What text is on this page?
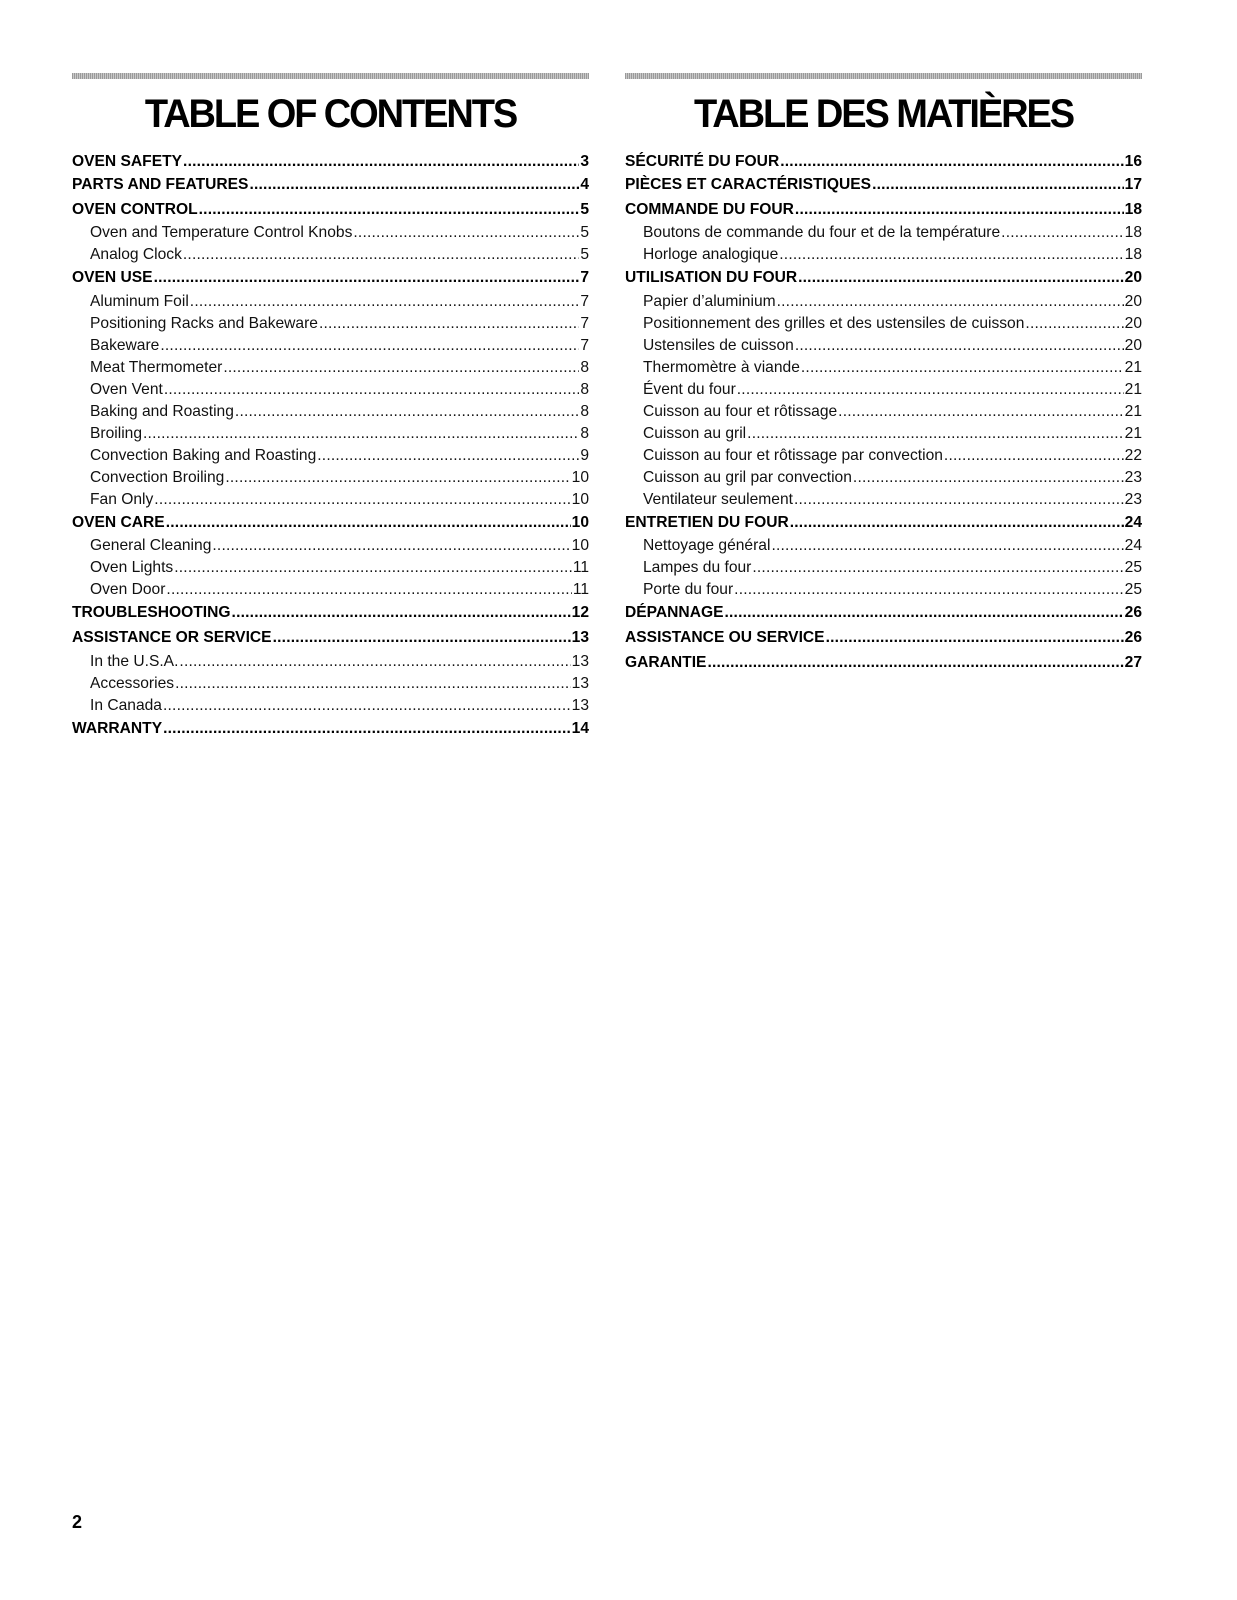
TABLE OF CONTENTS
OVEN SAFETY .....	3
PARTS AND FEATURES .....	4
OVEN CONTROL .....	5
Oven and Temperature Control Knobs .....	5
Analog Clock .....	5
OVEN USE .....	7
Aluminum Foil .....	7
Positioning Racks and Bakeware .....	7
Bakeware .....	7
Meat Thermometer .....	8
Oven Vent .....	8
Baking and Roasting .....	8
Broiling .....	8
Convection Baking and Roasting .....	9
Convection Broiling .....	10
Fan Only .....	10
OVEN CARE .....	10
General Cleaning .....	10
Oven Lights .....	11
Oven Door .....	11
TROUBLESHOOTING .....	12
ASSISTANCE OR SERVICE .....	13
In the U.S.A. .....	13
Accessories .....	13
In Canada .....	13
WARRANTY .....	14
TABLE DES MATIÈRES
SÉCURITÉ DU FOUR .....	16
PIÈCES ET CARACTÉRISTIQUES .....	17
COMMANDE DU FOUR .....	18
Boutons de commande du four et de la température .....	18
Horloge analogique .....	18
UTILISATION DU FOUR .....	20
Papier d’aluminium .....	20
Positionnement des grilles et des ustensiles de cuisson .....	20
Ustensiles de cuisson .....	20
Thermomètre à viande .....	21
Évent du four .....	21
Cuisson au four et rôtissage .....	21
Cuisson au gril .....	21
Cuisson au four et rôtissage par convection .....	22
Cuisson au gril par convection .....	23
Ventilateur seulement .....	23
ENTRETIEN DU FOUR .....	24
Nettoyage général .....	24
Lampes du four .....	25
Porte du four .....	25
DÉPANNAGE .....	26
ASSISTANCE OU SERVICE .....	26
GARANTIE .....	27
2
